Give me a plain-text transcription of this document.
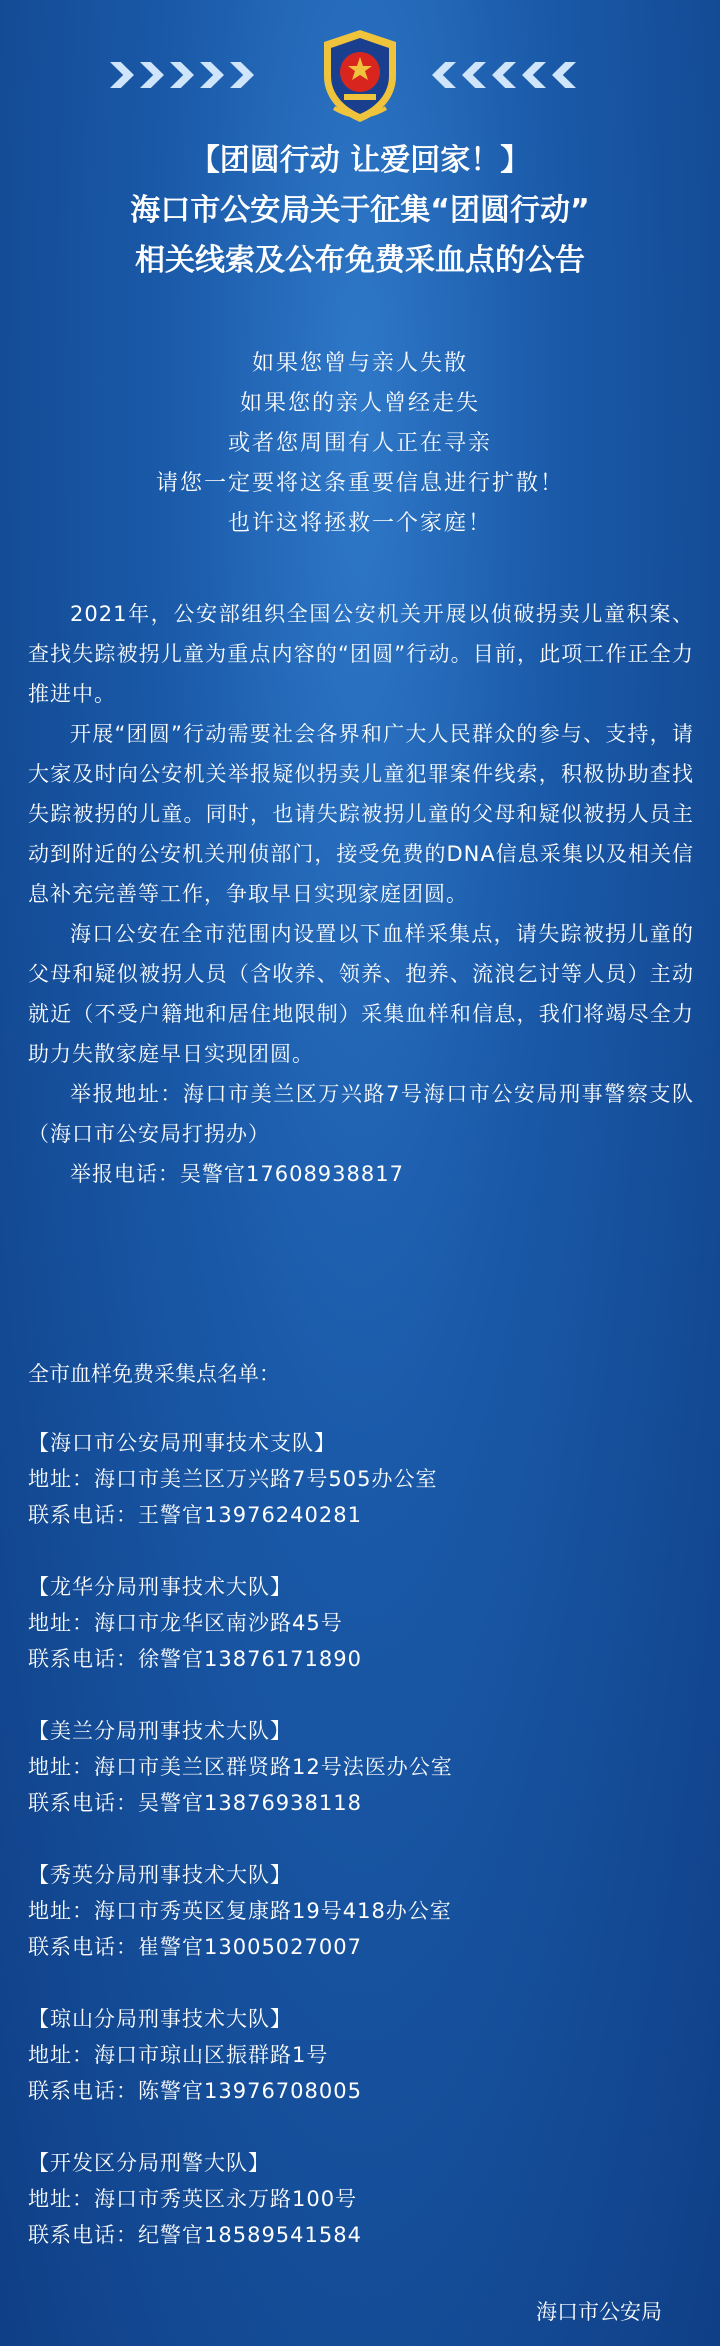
【团圆行动 让爱回家！】
海口市公安局关于征集“团圆行动”
相关线索及公布免费采血点的公告
如果您曾与亲人失散
如果您的亲人曾经走失
或者您周围有人正在寻亲
请您一定要将这条重要信息进行扩散！
也许这将拯救一个家庭！

2021年，公安部组织全国公安机关开展以侦破拐卖儿童积案、查找失踪被拐儿童为重点内容的“团圆”行动。目前，此项工作正全力推进中。

开展“团圆”行动需要社会各界和广大人民群众的参与、支持，请大家及时向公安机关举报疑似拐卖儿童犯罪案件线索，积极协助查找失踪被拐的儿童。同时，也请失踪被拐儿童的父母和疑似被拐人员主动到附近的公安机关刑侦部门，接受免费的DNA信息采集以及相关信息补充完善等工作，争取早日实现家庭团圆。

海口公安在全市范围内设置以下血样采集点，请失踪被拐儿童的父母和疑似被拐人员（含收养、领养、抱养、流浪乞讨等人员）主动就近（不受户籍地和居住地限制）采集血样和信息，我们将竭尽全力助力失散家庭早日实现团圆。

举报地址：海口市美兰区万兴路7号海口市公安局刑事警察支队（海口市公安局打拐办）

举报电话：吴警官17608938817

全市血样免费采集点名单：
【海口市公安局刑事技术支队】
地址：海口市美兰区万兴路7号505办公室
联系电话：王警官13976240281
【龙华分局刑事技术大队】
地址：海口市龙华区南沙路45号
联系电话：徐警官13876171890
【美兰分局刑事技术大队】
地址：海口市美兰区群贤路12号法医办公室
联系电话：吴警官13876938118
【秀英分局刑事技术大队】
地址：海口市秀英区复康路19号418办公室
联系电话：崔警官13005027007
【琼山分局刑事技术大队】
地址：海口市琼山区振群路1号
联系电话：陈警官13976708005
【开发区分局刑警大队】
地址：海口市秀英区永万路100号
联系电话：纪警官18589541584
海口市公安局
